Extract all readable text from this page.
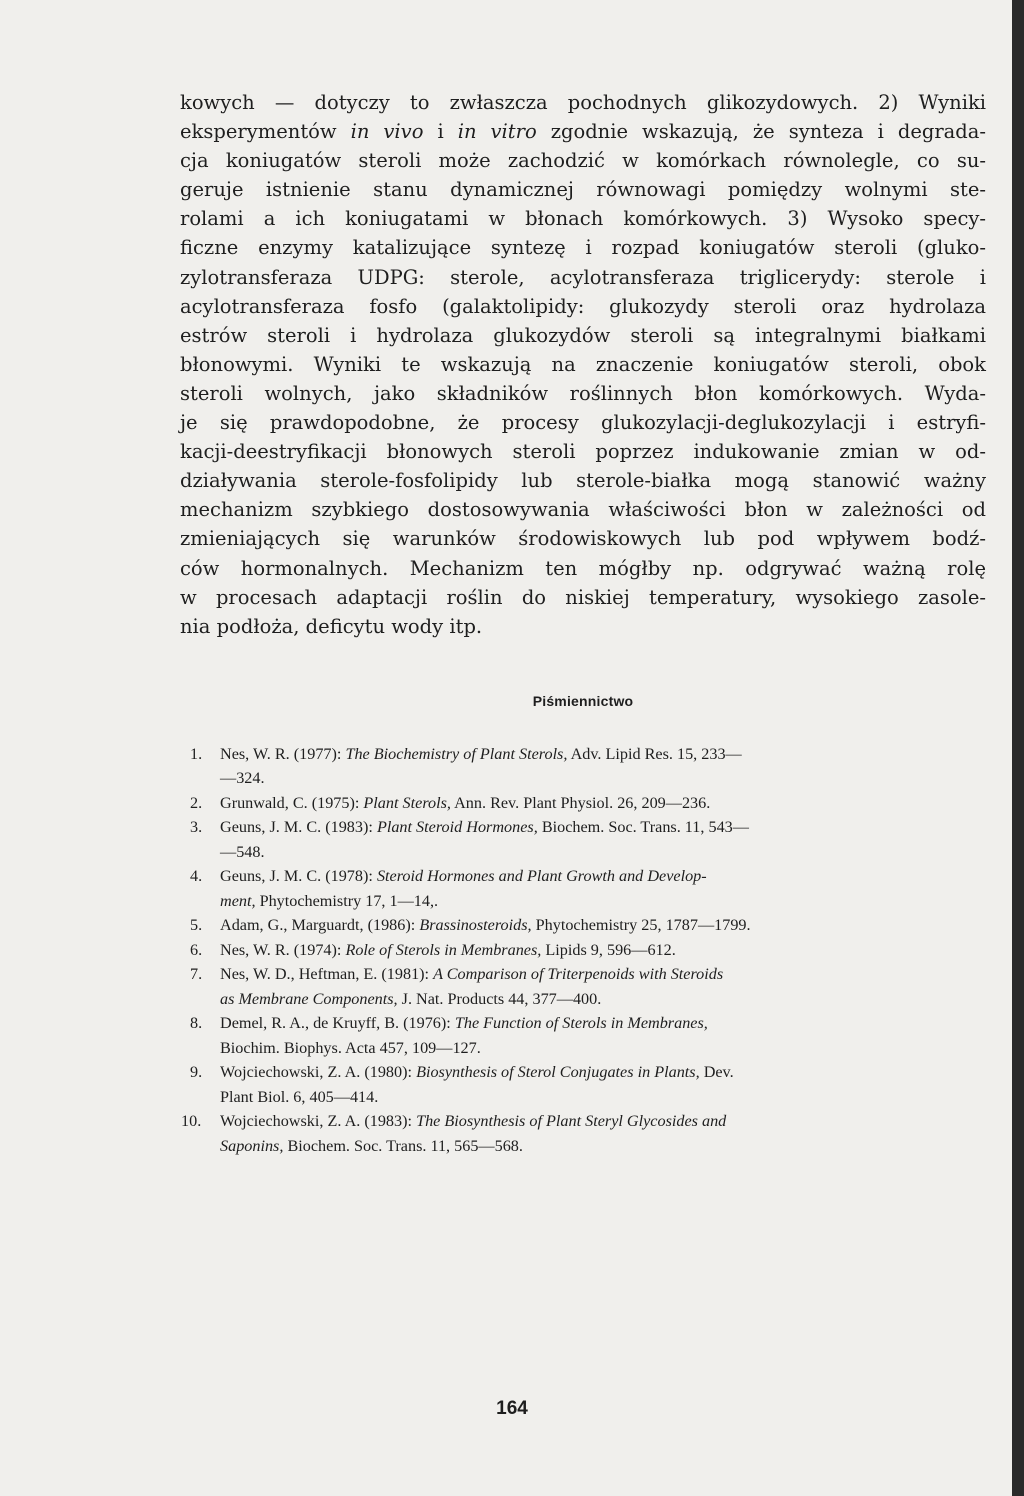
kowych — dotyczy to zwłaszcza pochodnych glikozydowych. 2) Wyniki
eksperymentów in vivo i in vitro zgodnie wskazują, że synteza i degrada-
cja koniugatów steroli może zachodzić w komórkach równolegle, co su-
geruje istnienie stanu dynamicznej równowagi pomiędzy wolnymi ste-
rolami a ich koniugatami w błonach komórkowych. 3) Wysoko specy-
ficzne enzymy katalizujące syntezę i rozpad koniugatów steroli (gluko-
zylotransferaza UDPG: sterole, acylotransferaza triglicerydy: sterole i
acylotransferaza fosfo (galaktolipidy: glukozydy steroli oraz hydrolaza
estrów steroli i hydrolaza glukozydów steroli są integralnymi białkami
błonowymi. Wyniki te wskazują na znaczenie koniugatów steroli, obok
steroli wolnych, jako składników roślinnych błon komórkowych. Wyda-
je się prawdopodobne, że procesy glukozylacji-deglukozylacji i estryfi-
kacji-deestryfikacji błonowych steroli poprzez indukowanie zmian w od-
działywania sterole-fosfolipidy lub sterole-białka mogą stanowić ważny
mechanizm szybkiego dostosowywania właściwości błon w zależności od
zmieniających się warunków środowiskowych lub pod wpływem bodź-
ców hormonalnych. Mechanizm ten mógłby np. odgrywać ważną rolę
w procesach adaptacji roślin do niskiej temperatury, wysokiego zasole-
nia podłoża, deficytu wody itp.

Piśmiennictwo
1. Nes, W. R. (1977): The Biochemistry of Plant Sterols, Adv. Lipid Res. 15, 233—
—324.
2. Grunwald, C. (1975): Plant Sterols, Ann. Rev. Plant Physiol. 26, 209—236.
3. Geuns, J. M. C. (1983): Plant Steroid Hormones, Biochem. Soc. Trans. 11, 543—
—548.
4. Geuns, J. M. C. (1978): Steroid Hormones and Plant Growth and Develop-
ment, Phytochemistry 17, 1—14,.
5. Adam, G., Marguardt, (1986): Brassinosteroids, Phytochemistry 25, 1787—1799.
6. Nes, W. R. (1974): Role of Sterols in Membranes, Lipids 9, 596—612.
7. Nes, W. D., Heftman, E. (1981): A Comparison of Triterpenoids with Steroids
as Membrane Components, J. Nat. Products 44, 377—400.
8. Demel, R. A., de Kruyff, B. (1976): The Function of Sterols in Membranes,
Biochim. Biophys. Acta 457, 109—127.
9. Wojciechowski, Z. A. (1980): Biosynthesis of Sterol Conjugates in Plants, Dev.
Plant Biol. 6, 405—414.
10. Wojciechowski, Z. A. (1983): The Biosynthesis of Plant Steryl Glycosides and
Saponins, Biochem. Soc. Trans. 11, 565—568.
164
